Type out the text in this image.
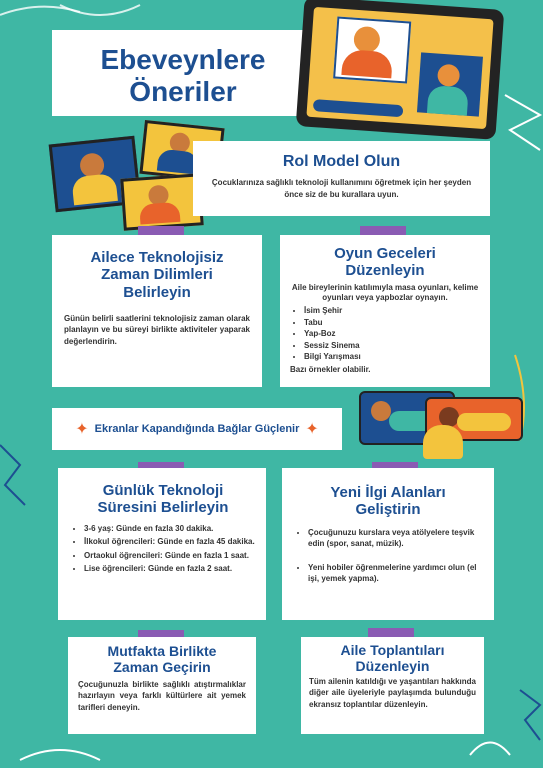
Ebeveynlere
Öneriler
Rol Model Olun
Çocuklarınıza sağlıklı teknoloji kullanımını öğretmek için her şeyden önce siz de bu kurallara uyun.
Ailece Teknolojisiz Zaman Dilimleri Belirleyin
Günün belirli saatlerini teknolojisiz zaman olarak planlayın ve bu süreyi birlikte aktiviteler yaparak değerlendirin.
Oyun Geceleri
Düzenleyin
Aile bireylerinin katılımıyla masa oyunları, kelime oyunları veya yapbozlar oynayın.
• İsim Şehir
• Tabu
• Yap-Boz
• Sessiz Sinema
• Bilgi Yarışması
Bazı örnekler olabilir.
✦ Ekranlar Kapandığında Bağlar Güçlenir ✦
Günlük Teknoloji
Süresini Belirleyin
• 3-6 yaş: Günde en fazla 30 dakika.
• İlkokul öğrencileri: Günde en fazla 45 dakika.
• Ortaokul öğrencileri: Günde en fazla 1 saat.
• Lise öğrencileri: Günde en fazla 2 saat.
Yeni İlgi Alanları
Geliştirin
• Çocuğunuzu kurslara veya atölyelere teşvik edin (spor, sanat, müzik).
• Yeni hobiler öğrenmelerine yardımcı olun (el işi, yemek yapma).
Mutfakta Birlikte
Zaman Geçirin
Çocuğunuzla birlikte sağlıklı atıştırmalıklar hazırlayın veya farklı kültürlere ait yemek tarifleri deneyin.
Aile Toplantıları
Düzenleyin
Tüm ailenin katıldığı ve yaşantıları hakkında diğer aile üyeleriyle paylaşımda bulunduğu ekransız toplantılar düzenleyin.
